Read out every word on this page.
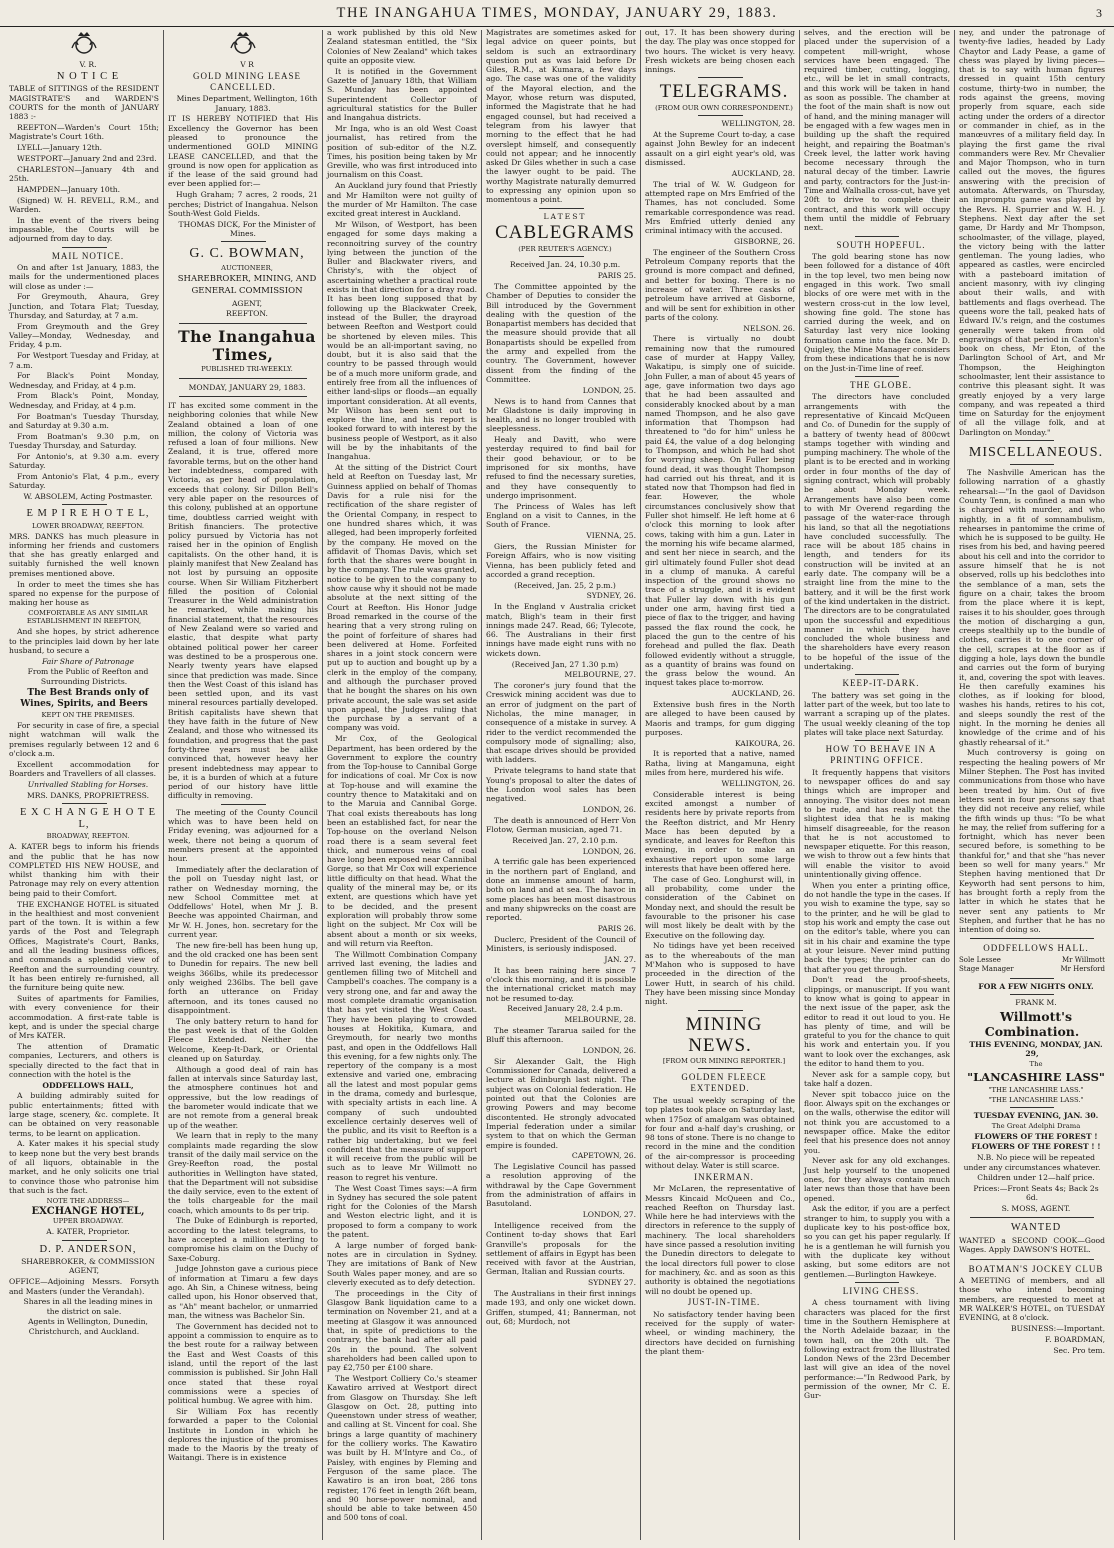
THE INANGAHUA TIMES, MONDAY, JANUARY 29, 1883.	3

V. R.

N O T I C E

TABLE of SITTINGS of the RESIDENT MAGISTRATE'S and WARDEN'S COURTS for the month of JANUARY 1883 :-

REEFTON—Warden's Court 15th; Magistrate's Court 16th.

LYELL—January 12th.

WESTPORT—January 2nd and 23rd.

CHARLESTON—January 4th and 25th.

HAMPDEN—January 10th.

(Signed) W. H. REVELL, R.M., and Warden.

In the event of the rivers being impassable, the Courts will be adjourned from day to day.

MAIL NOTICE.

On and after 1st January, 1883, the mails for the undermentioned places will close as under :—

For Greymouth, Ahaura, Grey Junction, and Totara Flat; Tuesday, Thursday, and Saturday, at 7 a.m.

From Greymouth and the Grey Valley—Monday, Wednesday, and Friday, 4 p.m.

For Westport Tuesday and Friday, at 7 a.m.

For Black's Point Monday, Wednesday, and Friday, at 4 p.m.

From Black's Point, Monday, Wednesday, and Friday, at 4 p.m.

For Boatman's Tuesday Thursday, and Saturday at 9.30 a.m.

From Boatman's 9.30 p.m, on Tuesday Thursday, and Saturday.

For Antonio's, at 9.30 a.m. every Saturday.

From Antonio's Flat, 4 p.m., every Saturday.

W. ABSOLEM, Acting Postmaster.

E M P I R E H O T E L,

LOWER BROADWAY, REEFTON.

MRS. DANKS has much pleasure in informing her friends and customers that she has greatly enlarged and suitably furnished the well known premises mentioned above.

In order to meet the times she has spared no expense for the purpose of making her house as

COMFORTABLE AS ANY SIMILAR ESTABLISHMENT IN REEFTON,

And she hopes, by strict adherence to the principles laid down by her late husband, to secure a

Fair Share of Patronage

From the Public of Reefton and Surrounding Districts.

The Best Brands only of Wines, Spirits, and Beers

KEPT ON THE PREMISES.

For security in case of fire, a special night watchman will walk the premises regularly between 12 and 6 o'clock a.m.

Excellent accommodation for Boarders and Travellers of all classes.

Unrivalled Stabling for Horses.

MRS. DANKS, PROPRIETRESS.

E X C H A N G E H O T E L,

BROADWAY, REEFTON.

A. KATER begs to inform his friends and the public that he has now COMPLETED HIS NEW HOUSE, and whilst thanking him with their Patronage may rely on every attention being paid to their Comfort.

THE EXCHANGE HOTEL is situated in the healthiest and most convenient part of the town. It is within a few yards of the Post and Telegraph Offices, Magistrate's Court, Banks, and all the leading business offices, and commands a splendid view of Reefton and the surrounding country. It has been entirely re-furnished, all the furniture being quite new.

Suites of apartments for Families, with every convenience for their accommodation. A first-rate table is kept, and is under the special charge of Mrs KATER.

The attention of Dramatic companies, Lecturers, and others is specially directed to the fact that in connection with the hotel is the

ODDFELLOWS HALL,

A building admirably suited for public entertainments; fitted with large stage, scenery, &c. complete. It can be obtained on very reasonable terms, to be learnt on application.

A. Kater makes it his special study to keep none but the very best brands of all liquors, obtainable in the market, and he only solicits one trial to convince those who patronise him that such is the fact.

NOTE THE ADDRESS—

EXCHANGE HOTEL,

UPPER BROADWAY.

A. KATER, Proprietor.

D. P. ANDERSON,

SHAREBROKER, & COMMISSION AGENT,

OFFICE—Adjoining Messrs. Forsyth and Masters (under the Verandah).

Shares in all the leading mines in the district on sale.

Agents in Wellington, Dunedin, Christchurch, and Auckland.

V R

GOLD MINING LEASE CANCELLED.

Mines Department, Wellington, 16th January, 1883.

IT IS HEREBY NOTIFIED that His Excellency the Governor has been pleased to pronounce the undermentioned GOLD MINING LEASE CANCELLED, and that the ground is now open for application as if the lease of the said ground had ever been applied for:—

Hugh Graham; 7 acres, 2 roods, 21 perches; District of Inangahua. Nelson South-West Gold Fields.

THOMAS DICK, For the Minister of Mines.

G. C. BOWMAN,

AUCTIONEER,

SHAREBROKER, MINING, AND

GENERAL COMMISSION

AGENT,

REEFTON.

The Inangahua Times,

PUBLISHED TRI-WEEKLY.

MONDAY, JANUARY 29, 1883.

IT has excited some comment in the neighboring colonies that while New Zealand obtained a loan of one million, the colony of Victoria was refused a loan of four millions. New Zealand, it is true, offered more favorable terms, but on the other hand her indebtedness, compared with Victoria, as per head of population, exceeds that colony. Sir Dillon Bell's very able paper on the resources of this colony, published at an opportune time, doubtless carried weight with British financiers. The protective policy pursued by Victoria has not raised her in the opinion of English capitalists. On the other hand, it is plainly manifest that New Zealand has not lost by pursuing an opposite course. When Sir William Fitzherbert filled the position of Colonial Treasurer in the Weld administration he remarked, while making his financial statement, that the resources of New Zealand were so varied and elastic, that despite what party obtained political power her career was destined to be a prosperous one. Nearly twenty years have elapsed since that prediction was made. Since then the West Coast of this island has been settled upon, and its vast mineral resources partially developed. British capitalists have shewn that they have faith in the future of New Zealand, and those who witnessed its foundation, and progress that the past forty-three years must be alike convinced that, however heavy her present indebtedness may appear to be, it is a burden of which at a future period of our history have little difficulty in removing.

The meeting of the County Council which was to have been held on Friday evening, was adjourned for a week, there not being a quorum of members present at the appointed hour.

Immediately after the declaration of the poll on Tuesday night last, or rather on Wednesday morning, the new School Committee met at Oddfellows' Hotel, when Mr J. B. Beeche was appointed Chairman, and Mr W. H. Jones, hon. secretary for the current year.

The new fire-bell has been hung up, and the old cracked one has been sent to Dunedin for repairs. The new bell weighs 366lbs, while its predecessor only weighed 236lbs. The bell gave forth an utterance on Friday afternoon, and its tones caused no disappointment.

The only battery return to hand for the past week is that of the Golden Fleece Extended. Neither the Welcome, Keep-It-Dark, or Oriental cleaned up on Saturday.

Although a good deal of rain has fallen at intervals since Saturday last, the atmosphere continues hot and oppressive, but the low readings of the barometer would indicate that we are not remote from a general break up of the weather.

We learn that in reply to the many complaints made regarding the slow transit of the daily mail service on the Grey-Reefton road, the postal authorities in Wellington have stated, that the Department will not subsidise the daily service, even to the extent of the tolls chargeable for the mail coach, which amounts to 8s per trip.

The Duke of Edinburgh is reported, according to the latest telegrams, to have accepted a million sterling to compromise his claim on the Duchy of Saxe-Coburg.

Judge Johnston gave a curious piece of information at Timaru a few days ago. Ah Sin, a Chinese witness, being called upon, his Honor observed that, as "Ah" meant bachelor, or unmarried man, the witness was Bachelor Sin.

The Government has decided not to appoint a commission to enquire as to the best route for a railway between the East and West Coasts of this island, until the report of the last commission is published. Sir John Hall once stated that these royal commissions were a species of political humbug. We agree with him.

Sir William Fox has recently forwarded a paper to the Colonial Institute in London in which he deplores the injustice of the promises made to the Maoris by the treaty of Waitangi. There is in existence

a work published by this old New Zealand statesman entitled, the "Six Colonies of New Zealand" which takes quite an opposite view.

It is notified in the Government Gazette of January 18th, that William S. Munday has been appointed Superintendent Collector of agricultural statistics for the Buller and Inangahua districts.

Mr Inga, who is an old West Coast journalist, has retired from the position of sub-editor of the N.Z. Times, his position being taken by Mr Greville, who was first introduced into journalism on this Coast.

An Auckland jury found that Priestly and Mr Hamilton were not guilty of the murder of Mr Hamilton. The case excited great interest in Auckland.

Mr Wilson, of Westport, has been engaged for some days making a reconnoitring survey of the country lying between the junction of the Buller and Blackwater rivers, and Christy's, with the object of ascertaining whether a practical route exists in that direction for a dray road. It has been long supposed that by following up the Blackwater Creek, instead of the Buller, the drayroad between Reefton and Westport could be shortened by eleven miles. This would be an all-important saving, no doubt, but it is also said that the country to be passed through would be of a much more uniform grade, and entirely free from all the influences of either land-slips or floods—an equally important consideration. At all events, Mr Wilson has been sent out to explore the line, and his report is looked forward to with interest by the business people of Westport, as it also will be by the inhabitants of the Inangahua.

At the sitting of the District Court held at Reefton on Tuesday last, Mr Guinness applied on behalf of Thomas Davis for a rule nisi for the rectification of the share register of the Oriental Company, in respect to one hundred shares which, it was alleged, had been improperly forfeited by the company. He moved on the affidavit of Thomas Davis, which set forth that the shares were bought in by the company. The rule was granted, notice to be given to the company to show cause why it should not be made absolute at the next sitting of the Court at Reefton. His Honor Judge Broad remarked in the course of the hearing that a very strong ruling on the point of forfeiture of shares had been delivered at Home. Forfeited shares in a joint stock concern were put up to auction and bought up by a clerk in the employ of the company, and although the purchaser proved that he bought the shares on his own private account, the sale was set aside upon appeal, the Judges ruling that the purchase by a servant of a company was void.

Mr Cox, of the Geological Department, has been ordered by the Government to explore the country from the Top-house to Cannibal Gorge for indications of coal. Mr Cox is now at Top-house and will examine the country thence to Matakitaki and on to the Maruia and Cannibal Gorge. That coal exists thereabouts has long been an established fact, for near the Top-house on the overland Nelson road there is a seam several feet thick, and numerous veins of coal have long been exposed near Cannibal Gorge, so that Mr Cox will experience little difficulty on that head. What the quality of the mineral may be, or its extent, are questions which have yet to be decided, and the present exploration will probably throw some light on the subject. Mr Cox will be absent about a month or six weeks, and will return via Reefton.

The Willmott Combination Company arrived last evening, the ladies and gentlemen filling two of Mitchell and Campbell's coaches. The company is a very strong one, and far and away the most complete dramatic organisation that has yet visited the West Coast. They have been playing to crowded houses at Hokitika, Kumara, and Greymouth, for nearly two months past, and open in the Oddfellows Hall this evening, for a few nights only. The repertory of the company is a most extensive and varied one, embracing all the latest and most popular gems in the drama, comedy and burlesque, with specialty artists in each line. A company of such undoubted excellence certainly deserves well of the public, and its visit to Reefton is a rather big undertaking, but we feel confident that the measure of support it will receive from the public will be such as to leave Mr Willmott no reason to regret his venture.

The West Coast Times says:—A firm in Sydney has secured the sole patent right for the Colonies of the Marsh and Weston electric light, and it is proposed to form a company to work the patent.

A large number of forged bank-notes are in circulation in Sydney. They are imitations of Bank of New South Wales paper money, and are so cleverly executed as to defy detection.

The proceedings in the City of Glasgow Bank liquidation came to a termination on November 21, and at a meeting at Glasgow it was announced that, in spite of predictions to the contrary, the bank had after all paid 20s in the pound. The solvent shareholders had been called upon to pay £2,750 per £100 share.

The Westport Colliery Co.'s steamer Kawatiro arrived at Westport direct from Glasgow on Thursday. She left Glasgow on Oct. 28, putting into Queenstown under stress of weather, and calling at St. Vincent for coal. She brings a large quantity of machinery for the colliery works. The Kawatiro was built by H. M'Intyre and Co., of Paisley, with engines by Fleming and Ferguson of the same place. The Kawatiro is an iron boat, 286 tons register, 176 feet in length 26ft beam, and 90 horse-power nominal, and should be able to take between 450 and 500 tons of coal.

Magistrates are sometimes asked for legal advice on queer points, but seldom is such an extraordinary question put as was laid before Dr Giles, R.M., at Kumara, a few days ago. The case was one of the validity of the Mayoral election, and the Mayor, whose return was disputed, informed the Magistrate that he had engaged counsel, but had received a telegram from his lawyer that morning to the effect that he had overslept himself, and consequently could not appear; and he innocently asked Dr Giles whether in such a case the lawyer ought to be paid. The worthy Magistrate naturally demurred to expressing any opinion upon so momentous a point.

LATEST

CABLEGRAMS

(PER REUTER'S AGENCY.)

Received Jan. 24, 10.30 p.m.

PARIS 25.

The Committee appointed by the Chamber of Deputies to consider the Bill introduced by the Government dealing with the question of the Bonapartist members has decided that the measure should provide that all Bonapartists should be expelled from the army and expelled from the country. The Government, however dissent from the finding of the Committee.

LONDON, 25.

News is to hand from Cannes that Mr Gladstone is daily improving in health, and is no longer troubled with sleeplessness.

Healy and Davitt, who were yesterday required to find bail for their good behaviour, or to be imprisoned for six months, have refused to find the necessary sureties, and they have consequently to undergo imprisonment.

The Princess of Wales has left England on a visit to Cannes, in the South of France.

VIENNA, 25.

Giers, the Russian Minister for Foreign Affairs, who is now visiting Vienna, has been publicly feted and accorded a grand reception.

(Received, Jan. 25, 2 p.m.)

SYDNEY, 26.

In the England v Australia cricket match, Bligh's team in their first innings made 247. Read, 66; Tylecote, 66. The Australians in their first innings have made eight runs with no wickets down.

(Received Jan, 27 1.30 p.m)

MELBOURNE, 27.

The coroner's jury found that the Creswick mining accident was due to an error of judgment on the part of Nicholas, the mine manager, in consequence of a mistake in survey. A rider to the verdict recommended the compulsory mode of signalling; also, that escape drives should be provided with ladders.

Private telegrams to hand state that Young's proposal to alter the dates of the London wool sales has been negatived.

LONDON, 26.

The death is announced of Herr Von Flotow, German musician, aged 71.

Received Jan. 27, 2.10 p.m.

LONDON, 26.

A terrific gale has been experienced in the northern part of England, and done an immense amount of harm, both on land and at sea. The havoc in some places has been most disastrous and many shipwrecks on the coast are reported.

PARIS 26.

Duclerc, President of the Council of Ministers, is seriously indisposed.

JAN. 27.

It has been raining here since 7 o'clock this morning, and it is possible the international cricket match may not be resumed to-day.

Received January 28, 2.4 p.m.

MELBOURNE, 28.

The steamer Tararua sailed for the Bluff this afternoon.

LONDON, 26.

Sir Alexander Galt, the High Commissioner for Canada, delivered a lecture at Edinburgh last night. The subject was on Colonial federation. He pointed out that the Colonies are growing Powers and may become discontented. He strongly advocated Imperial federation under a similar system to that on which the German empire is founded.

CAPETOWN, 26.

The Legislative Council has passed a resolution approving of the withdrawal by the Cape Government from the administration of affairs in Basutoland.

LONDON, 27.

Intelligence received from the Continent to-day shows that Earl Granville's proposals for the settlement of affairs in Egypt has been received with favor at the Austrian, German, Italian and Russian courts.

SYDNEY 27.

The Australians in their first innings made 193, and only one wicket down. Griffen, stumped, 41; Bannerman, not out, 68; Murdoch, not

out, 17. It has been showery during the day. The play was once stopped for two hours. The wicket is very heavy. Fresh wickets are being chosen each innings.

TELEGRAMS.

(FROM OUR OWN CORRESPONDENT.)

WELLINGTON, 28.

At the Supreme Court to-day, a case against John Bewley for an indecent assault on a girl eight year's old, was dismissed.

AUCKLAND, 28.

The trial of W. W. Gudgeon for attempted rape on Mrs Emfried of the Thames, has not concluded. Some remarkable correspondence was read. Mrs Emfried utterly denied any criminal intimacy with the accused.

GISBORNE, 26.

The engineer of the Southern Cross Petroleum Company reports that the ground is more compact and defined, and better for boxing. There is no increase of water. Three casks of petroleum have arrived at Gisborne, and will be sent for exhibition in other parts of the colony.

NELSON. 26.

There is virtually no doubt remaining now that the rumoured case of murder at Happy Valley, Wakatipu, is simply one of suicide. John Fuller, a man of about 45 years of age, gave information two days ago that he had been assaulted and considerably knocked about by a man named Thompson, and he also gave information that Thompson had threatened to "do for him" unless he paid £4, the value of a dog belonging to Thompson, and which he had shot for worrying sheep. On Fuller being found dead, it was thought Thompson had carried out his threat, and it is stated now that Thompson had fled in fear. However, the whole circumstances conclusively show that Fuller shot himself. He left home at 6 o'clock this morning to look after cows, taking with him a gun. Later in the morning his wife became alarmed, and sent her niece in search, and the girl ultimately found Fuller shot dead in a clump of manuka. A careful inspection of the ground shows no trace of a struggle, and it is evident that Fuller lay down with his gun under one arm, having first tied a piece of flax to the trigger, and having passed the flax round the cock, he placed the gun to the centre of his forehead and pulled the flax. Death followed evidently without a struggle, as a quantity of brains was found on the grass below the wound. An inquest takes place to-morrow.

AUCKLAND, 26.

Extensive bush fires in the North are alleged to have been caused by Maoris and tramps, for gum digging purposes.

KAIKOURA, 26.

It is reported that a native, named Ratha, living at Mangamuna, eight miles from here, murdered his wife.

WELLINGTON, 26.

Considerable interest is being excited amongst a number of residents here by private reports from the Reefton district, and Mr Henry Mace has been deputed by a syndicate, and leaves for Reefton this evening, in order to make an exhaustive report upon some large interests that have been offered here.

The case of Geo. Longhurst will, in all probability, come under the consideration of the Cabinet on Monday next, and should the result be favourable to the prisoner his case will most likely be dealt with by the Executive on the following day.

No tidings have yet been received as to the whereabouts of the man M'Mahon who is supposed to have proceeded in the direction of the Lower Hutt, in search of his child. They have been missing since Monday night.

MINING NEWS.

[FROM OUR MINING REPORTER.]

GOLDEN FLEECE EXTENDED.

The usual weekly scraping of the top plates took place on Saturday last, when 175oz of amalgam was obtained for four and a-half day's crushing, or 98 tons of stone. There is no change to record in the mine and the condition of the air-compressor is proceeding without delay. Water is still scarce.

INKERMAN.

Mr McLaren, the representative of Messrs Kincaid McQueen and Co., reached Reefton on Thursday last. While here he had interviews with the directors in reference to the supply of machinery. The local shareholders have since passed a resolution inviting the Dunedin directors to delegate to the local directors full power to close for machinery, &c. and as soon as this authority is obtained the negotiations will no doubt be opened up.

JUST-IN-TIME.

No satisfactory tender having been received for the supply of water-wheel, or winding machinery, the directors have decided on furnishing the plant them-

selves, and the erection will be placed under the supervision of a competent mill-wright, whose services have been engaged. The required timber, cutting, logging, etc., will be let in small contracts, and this work will be taken in hand as soon as possible. The chamber at the foot of the main shaft is now out of hand, and the mining manager will be engaged with a few wages men in building up the shaft the required height, and repairing the Boatman's Creek level, the latter work having become necessary through the natural decay of the timber. Lawrie and party, contractors for the Just-in-Time and Walhalla cross-cut, have yet 20ft to drive to complete their contract, and this work will occupy them until the middle of February next.

SOUTH HOPEFUL.

The gold bearing stone has now been followed for a distance of 40ft in the top level, two men being now engaged in this work. Two small blocks of ore were met with in the western cross-cut in the low level, showing fine gold. The stone has carried during the week, and on Saturday last very nice looking formation came into the face. Mr D. Quigley, the Mine Manager considers from these indications that he is now on the Just-in-Time line of reef.

THE GLOBE.

The directors have concluded arrangements with the representative of Kincaid McQueen and Co. of Dunedin for the supply of a battery of twenty head of 800cwt stamps together with winding and pumping machinery. The whole of the plant is to be erected and in working order in four months of the day of signing contract, which will probably be about Monday week. Arrangements have also been come to with Mr Overend regarding the passage of the water-race through his land, so that all the negotiations have concluded successfully. The race will be about 185 chains in length, and tenders for its construction will be invited at an early date. The company will be a straight line from the mine to the battery, and it will be the first work of the kind undertaken in the district. The directors are to be congratulated upon the successful and expeditious manner in which they have concluded the whole business and the shareholders have every reason to be hopeful of the issue of the undertaking.

KEEP-IT-DARK.

The battery was set going in the latter part of the week, but too late to warrant a scraping up of the plates. The usual weekly cleaning of the top plates will take place next Saturday.

HOW TO BEHAVE IN A PRINTING OFFICE.

It frequently happens that visitors to newspaper offices do and say things which are improper and annoying. The visitor does not mean to be rude, and has really not the slightest idea that he is making himself disagreeable, for the reason that he is not accustomed to newspaper etiquette. For this reason, we wish to throw out a few hints that will enable the visitor to avoid unintentionally giving offence.

When you enter a printing office, do not handle the type in the cases. If you wish to examine the type, say so to the printer, and he will be glad to stop his work and empty the case out on the editor's table, where you can sit in his chair and examine the type at your leisure. Never mind putting back the types; the printer can do that after you get through.

Don't read the proof-sheets, clippings, or manuscript. If you want to know what is going to appear in the next issue of the paper, ask the editor to read it out loud to you. He has plenty of time, and will be grateful to you for the chance to quit his work and entertain you. If you want to look over the exchanges, ask the editor to hand them to you.

Never ask for a sample copy, but take half a dozen.

Never spit tobacco juice on the floor. Always spit on the exchanges or on the walls, otherwise the editor will not think you are accustomed to a newspaper office. Make the editor feel that his presence does not annoy you.

Never ask for any old exchanges. Just help yourself to the unopened ones, for they always contain much later news than those that have been opened.

Ask the editor, if you are a perfect stranger to him, to supply you with a duplicate key to his post-office box, so you can get his paper regularly. If he is a gentleman he will furnish you with the duplicate key without asking, but some editors are not gentlemen.—Burlington Hawkeye.

LIVING CHESS.

A chess tournament with living characters was placed for the first time in the Southern Hemisphere at the North Adelaide bazaar, in the town hall, on the 20th ult. The following extract from the Illustrated London News of the 23rd December last will give an idea of the novel performance:—"In Redwood Park, by permission of the owner, Mr C. E. Gur-

ney, and under the patronage of twenty-five ladies, headed by Lady Chaytor and Lady Pease, a game of chess was played by living pieces—that is to say with human figures dressed in quaint 15th century costume, thirty-two in number, the rods against the greens, moving properly from square, each side acting under the orders of a director or commander in chief, as in the manœuvres of a military field day. In playing the first game the rival commanders were Rev. Mr Chevalier and Major Thompson, who in turn called out the moves, the figures answering with the precision of automata. Afterwards, on Thursday, an impromptu game was played by the Revs. H. Spurrier and W. H. J. Stephens. Next day after the set game, Dr Hardy and Mr Thompson, schoolmaster, of the village, played, the victory being with the latter gentleman. The young ladies, who appeared as castles, were encircled with a pasteboard imitation of ancient masonry, with ivy clinging about their walls, and with battlements and flags overhead. The queens wore the tall, peaked hats of Edward IV.'s reign, and the costumes generally were taken from old engravings of that period in Caxton's book on chess, Mr Eton, of the Darlington School of Art, and Mr Thompson, the Heighington schoolmaster, lent their assistance to contrive this pleasant sight. It was greatly enjoyed by a very large company, and was repeated a third time on Saturday for the enjoyment of all the village folk, and at Darlington on Monday."

MISCELLANEOUS.

The Nashville American has the following narration of a ghastly rehearsal:—"In the gaol of Davidson County Tenn, is confined a man who is charged with murder, and who nightly, in a fit of somnambulism, rehearses in pantomime the crime of which he is supposed to be guilty. He rises from his bed, and having peered about his cell and into the corridor to assure himself that he is not observed, rolls up his bedclothes into the semblance of a man, sets the figure on a chair, takes the broom from the place where it is kept, raises it to his shoulder, goes through the motion of discharging a gun, creeps stealthily up to the bundle of clothes, carries it to one corner of the cell, scrapes at the floor as if digging a hole, lays down the bundle and carries out the form of burying it, and, covering the spot with leaves. He then carefully examines his clothes, as if looking for blood, washes his hands, retires to his cot, and sleeps soundly the rest of the night. In the morning he denies all knowledge of the crime and of his ghastly rehearsal of it."

Much controversy is going on respecting the healing powers of Mr Milner Stephen. The Post has invited communications from those who have been treated by him. Out of five letters sent in four persons say that they did not receive any relief, while the fifth winds up thus: "To be what he may, the relief from suffering for a fortnight, which has never been secured before, is something to be thankful for," and that she "has never been so well for many years." Mr Stephen having mentioned that Dr Keyworth had sent persons to him, has brought forth a reply from the latter in which he states that he never sent any patients to Mr Stephen, and further that he has no intention of doing so.

ODDFELLOWS HALL.

Sole Lessee	Mr Willmott
Stage Manager	Mr Hersford

FOR A FEW NIGHTS ONLY.

FRANK M.

Willmott's Combination.

THIS EVENING, MONDAY, JAN. 29,

The

"LANCASHIRE LASS"

"THE LANCASHIRE LASS."

"THE LANCASHIRE LASS."

TUESDAY EVENING, JAN. 30.

The Great Adelphi Drama

FLOWERS OF THE FOREST !

FLOWERS OF THE FOREST ! !

N.B. No piece will be repeated under any circumstances whatever.

Children under 12—half price.

Prices:—Front Seats 4s; Back 2s 6d.

S. MOSS, AGENT.

WANTED

WANTED a SECOND COOK—Good Wages. Apply DAWSON'S HOTEL.

BOATMAN'S JOCKEY CLUB

A MEETING of members, and all those who intend becoming members, are requested to meet at MR WALKER'S HOTEL, on TUESDAY EVENING, at 8 o'clock.

BUSINESS:—Important.

F. BOARDMAN,

Sec. Pro tem.
